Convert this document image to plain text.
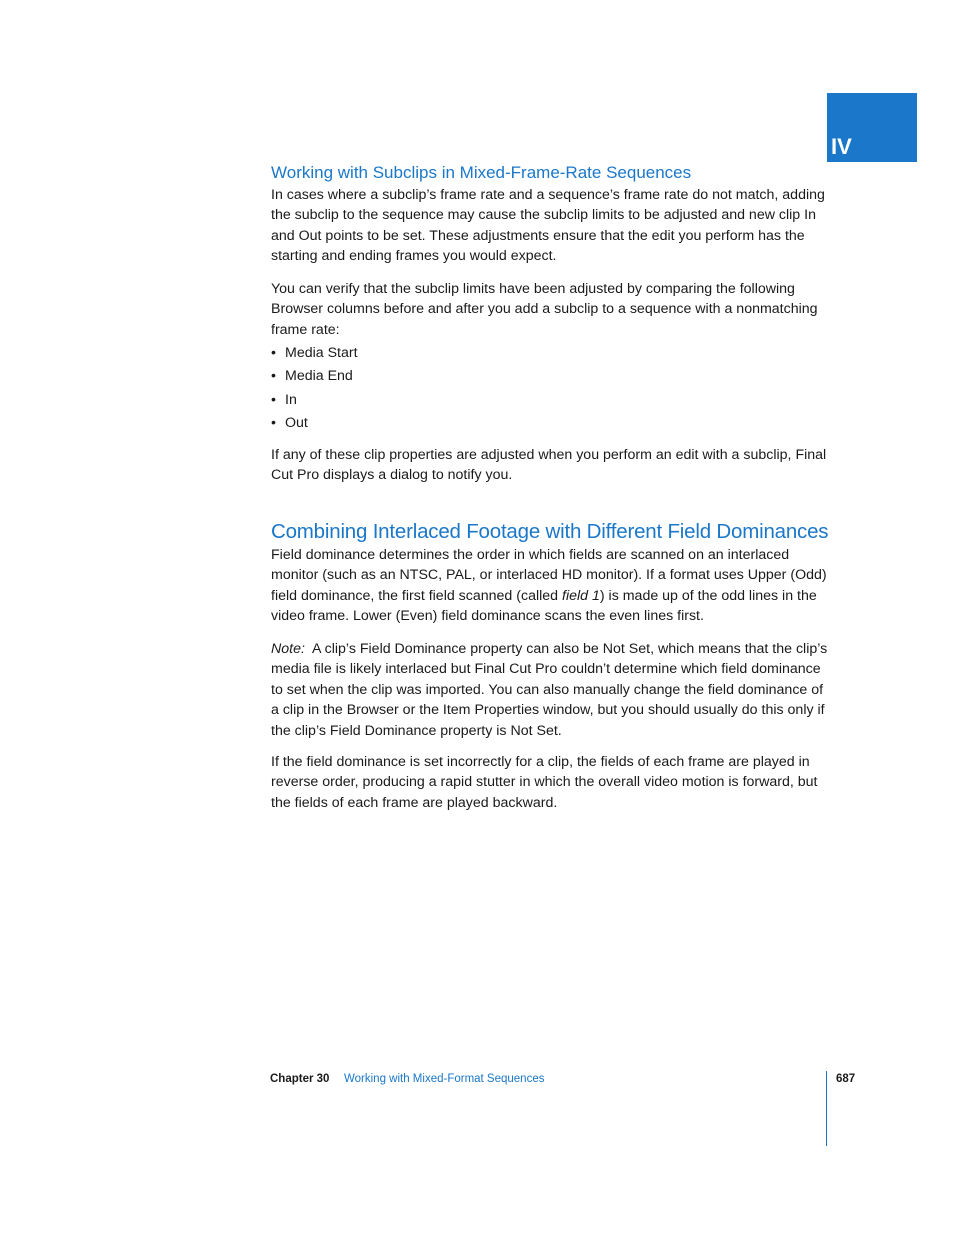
IV
Working with Subclips in Mixed-Frame-Rate Sequences

In cases where a subclip’s frame rate and a sequence’s frame rate do not match, adding the subclip to the sequence may cause the subclip limits to be adjusted and new clip In and Out points to be set. These adjustments ensure that the edit you perform has the starting and ending frames you would expect.

You can verify that the subclip limits have been adjusted by comparing the following Browser columns before and after you add a subclip to a sequence with a nonmatching frame rate:

• Media Start
• Media End
• In
• Out

If any of these clip properties are adjusted when you perform an edit with a subclip, Final Cut Pro displays a dialog to notify you.

Combining Interlaced Footage with Different Field Dominances

Field dominance determines the order in which fields are scanned on an interlaced monitor (such as an NTSC, PAL, or interlaced HD monitor). If a format uses Upper (Odd) field dominance, the first field scanned (called field 1) is made up of the odd lines in the video frame. Lower (Even) field dominance scans the even lines first.

Note:  A clip’s Field Dominance property can also be Not Set, which means that the clip’s media file is likely interlaced but Final Cut Pro couldn’t determine which field dominance to set when the clip was imported. You can also manually change the field dominance of a clip in the Browser or the Item Properties window, but you should usually do this only if the clip’s Field Dominance property is Not Set.

If the field dominance is set incorrectly for a clip, the fields of each frame are played in reverse order, producing a rapid stutter in which the overall video motion is forward, but the fields of each frame are played backward.

Chapter 30 Working with Mixed-Format Sequences	687
